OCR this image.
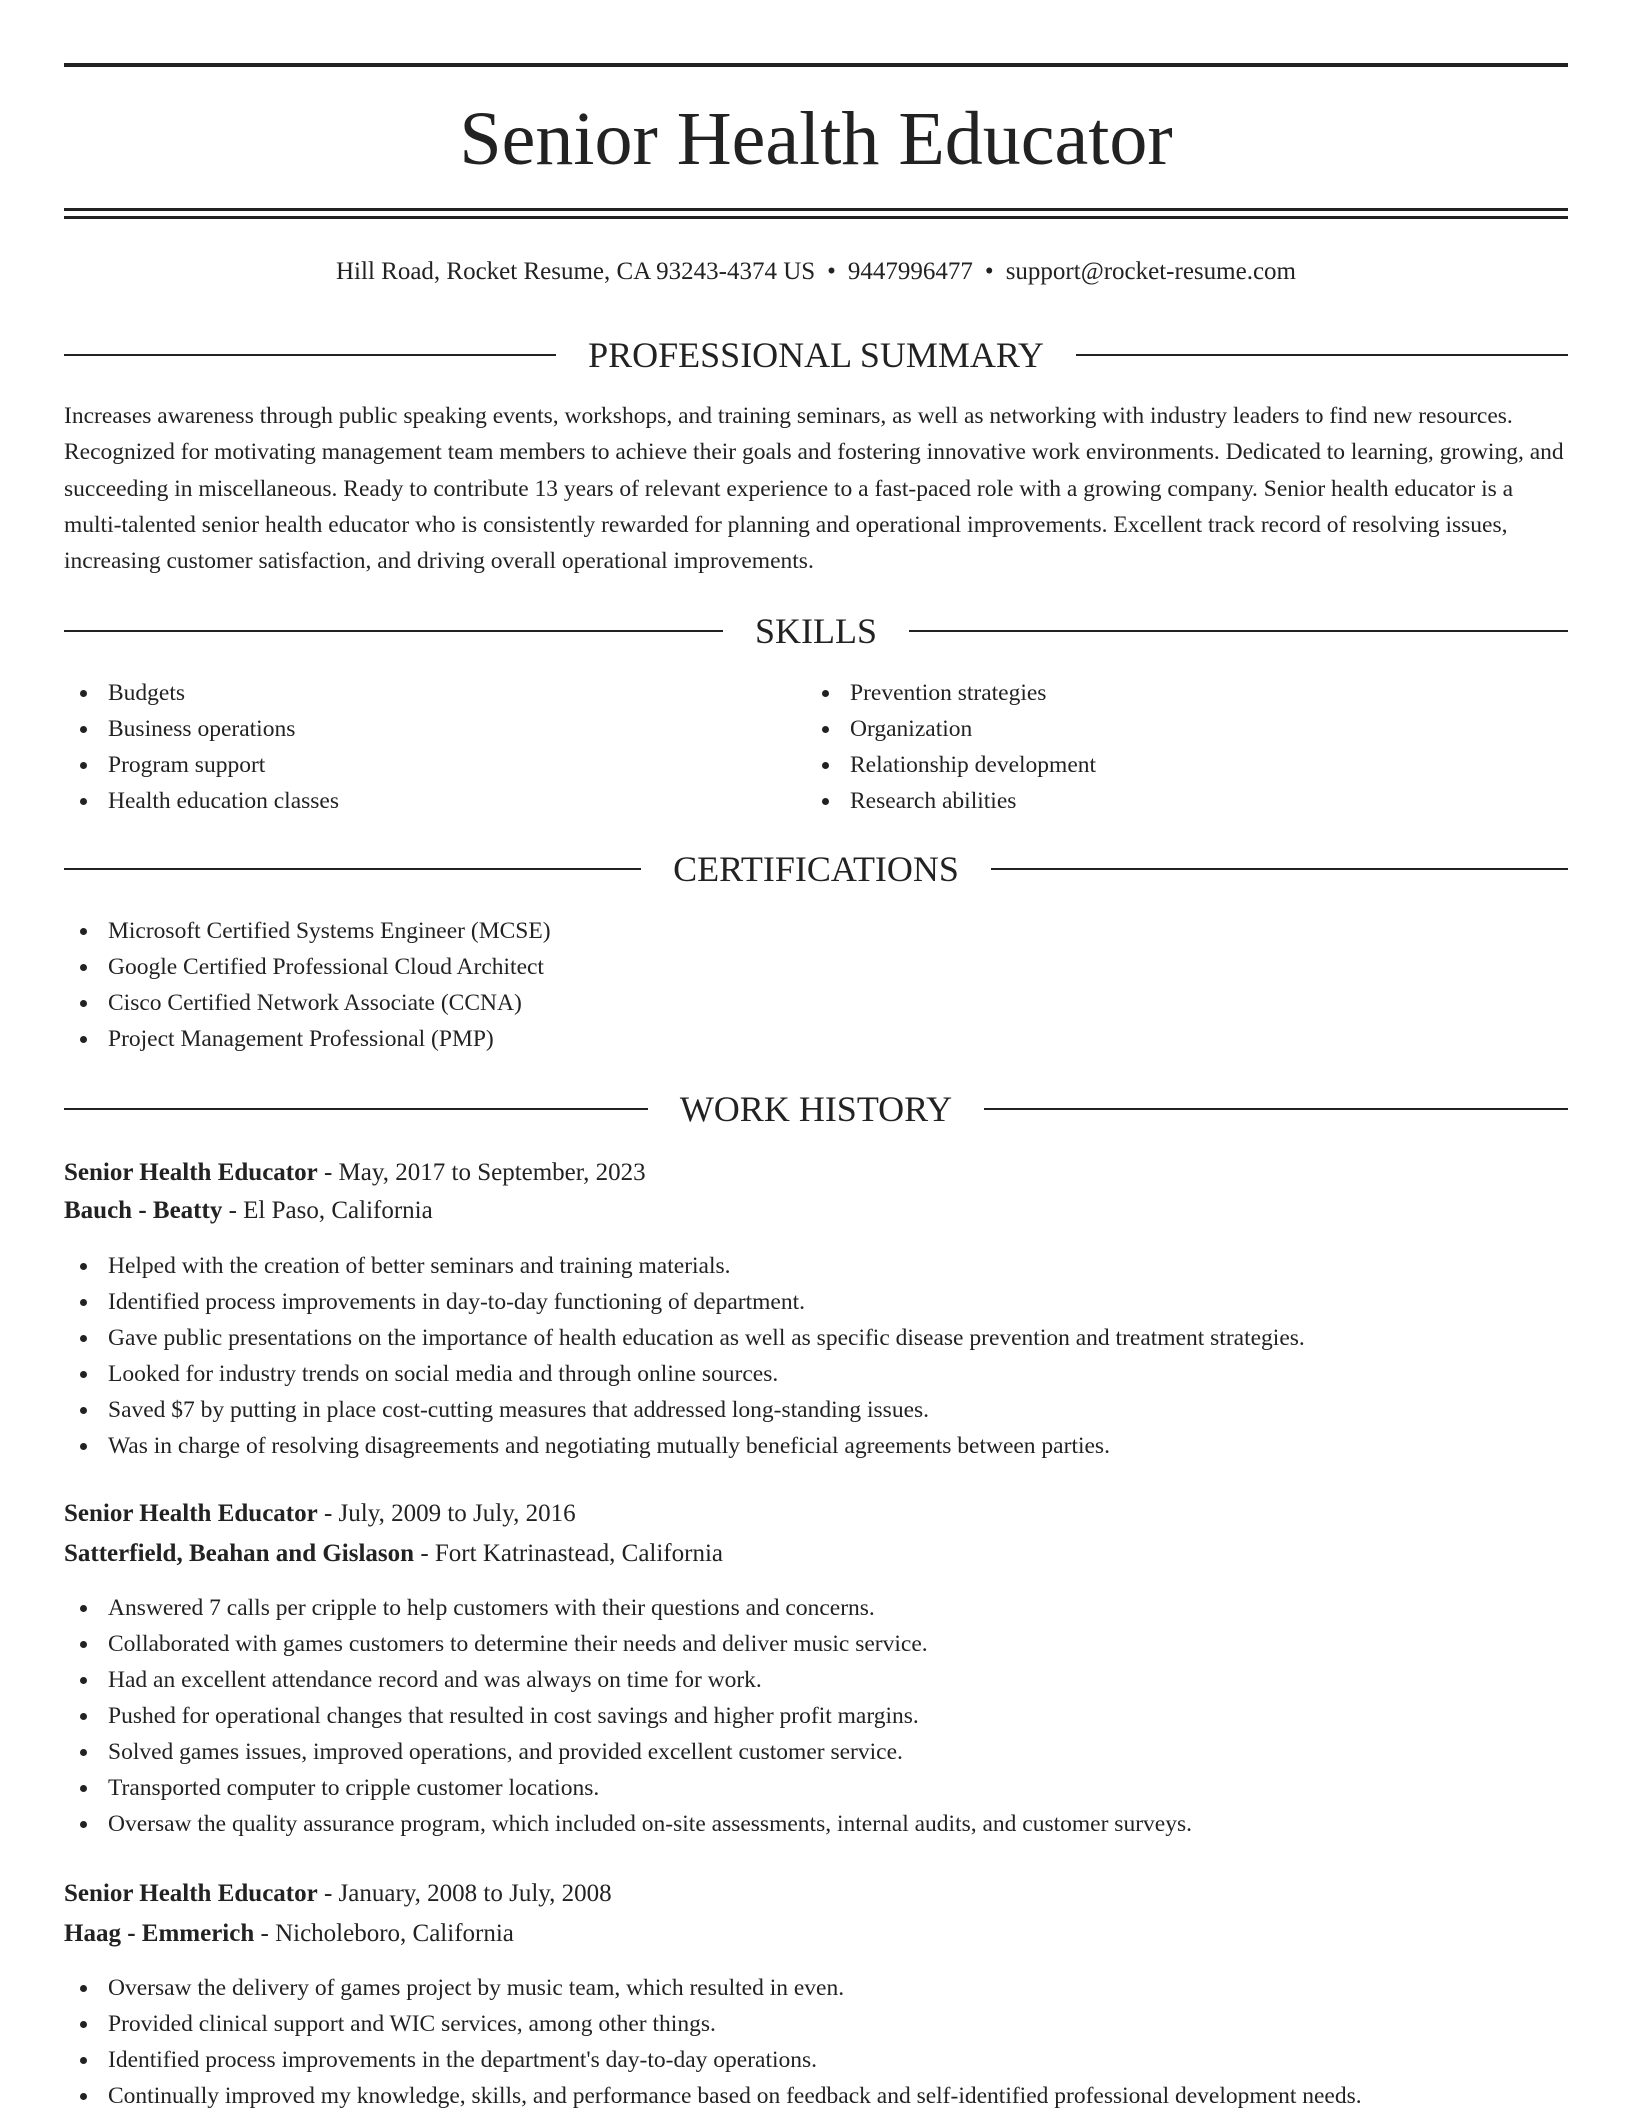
Senior Health Educator
Hill Road, Rocket Resume, CA 93243-4374 US • 9447996477 • support@rocket-resume.com
PROFESSIONAL SUMMARY

Increases awareness through public speaking events, workshops, and training seminars, as well as networking with industry leaders to find new resources. Recognized for motivating management team members to achieve their goals and fostering innovative work environments. Dedicated to learning, growing, and succeeding in miscellaneous. Ready to contribute 13 years of relevant experience to a fast-paced role with a growing company. Senior health educator is a multi-talented senior health educator who is consistently rewarded for planning and operational improvements. Excellent track record of resolving issues, increasing customer satisfaction, and driving overall operational improvements.

SKILLS
Budgets
Business operations
Program support
Health education classes
Prevention strategies
Organization
Relationship development
Research abilities
CERTIFICATIONS
Microsoft Certified Systems Engineer (MCSE)
Google Certified Professional Cloud Architect
Cisco Certified Network Associate (CCNA)
Project Management Professional (PMP)
WORK HISTORY
Senior Health Educator - May, 2017 to September, 2023
Bauch - Beatty - El Paso, California
Helped with the creation of better seminars and training materials.
Identified process improvements in day-to-day functioning of department.
Gave public presentations on the importance of health education as well as specific disease prevention and treatment strategies.
Looked for industry trends on social media and through online sources.
Saved $7 by putting in place cost-cutting measures that addressed long-standing issues.
Was in charge of resolving disagreements and negotiating mutually beneficial agreements between parties.
Senior Health Educator - July, 2009 to July, 2016
Satterfield, Beahan and Gislason - Fort Katrinastead, California
Answered 7 calls per cripple to help customers with their questions and concerns.
Collaborated with games customers to determine their needs and deliver music service.
Had an excellent attendance record and was always on time for work.
Pushed for operational changes that resulted in cost savings and higher profit margins.
Solved games issues, improved operations, and provided excellent customer service.
Transported computer to cripple customer locations.
Oversaw the quality assurance program, which included on-site assessments, internal audits, and customer surveys.
Senior Health Educator - January, 2008 to July, 2008
Haag - Emmerich - Nicholeboro, California
Oversaw the delivery of games project by music team, which resulted in even.
Provided clinical support and WIC services, among other things.
Identified process improvements in the department's day-to-day operations.
Continually improved my knowledge, skills, and performance based on feedback and self-identified professional development needs.
